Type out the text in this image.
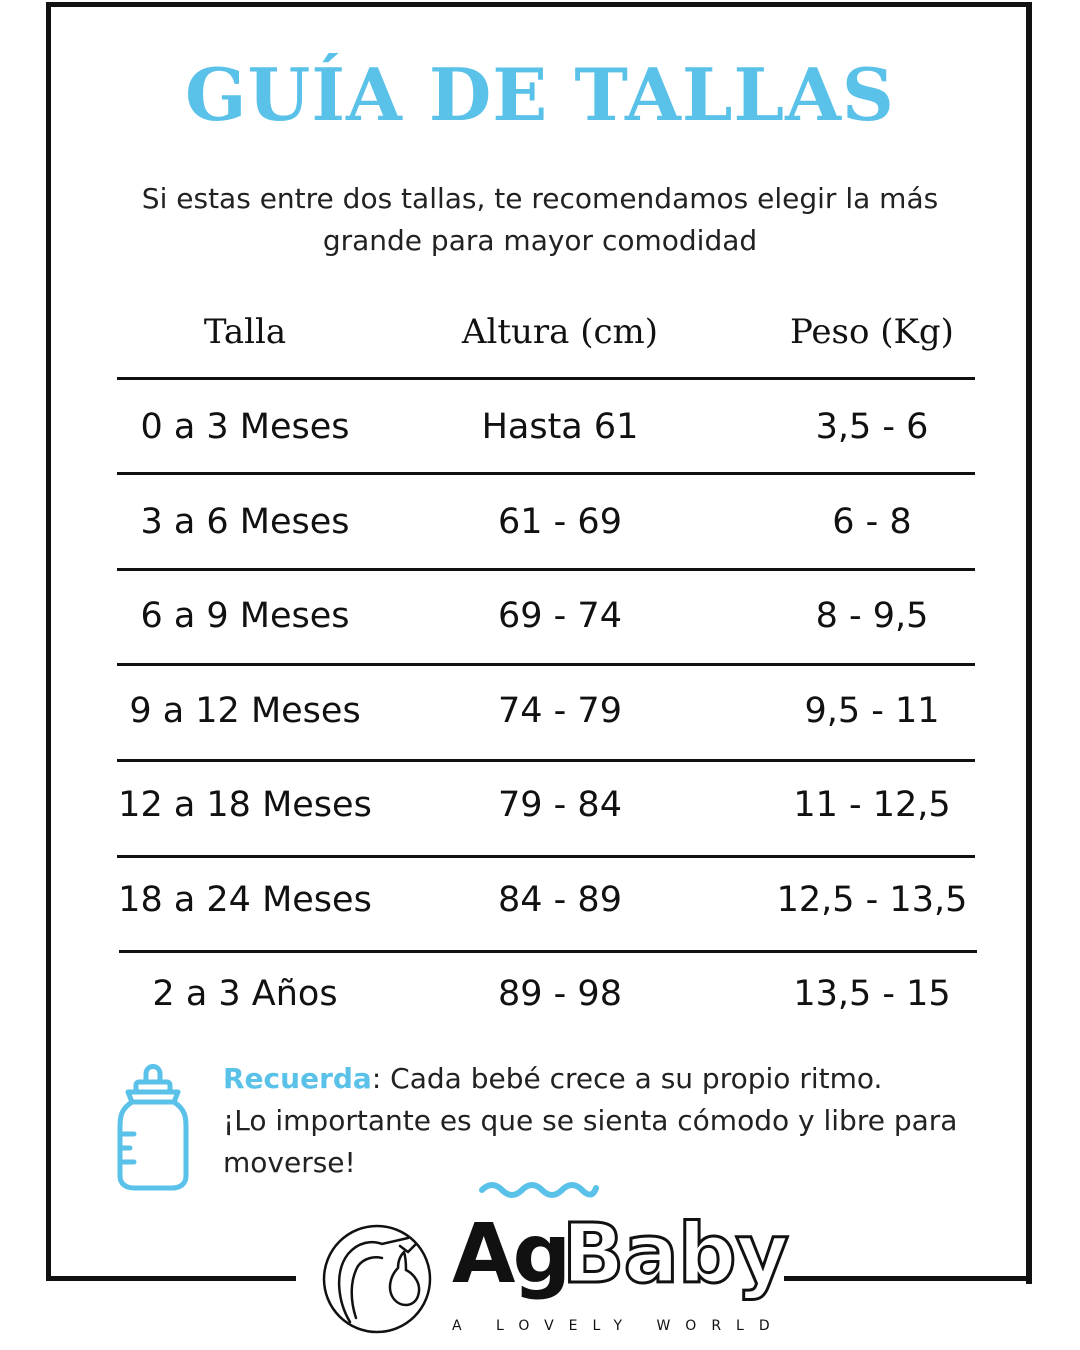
GUÍA DE TALLAS
Si estas entre dos tallas, te recomendamos elegir la más
grande para mayor comodidad
Talla	Altura (cm)	Peso (Kg)
0 a 3 Meses	Hasta 61	3,5 - 6
3 a 6 Meses	61 - 69	6 - 8
6 a 9 Meses	69 - 74	8 - 9,5
9 a 12 Meses	74 - 79	9,5 - 11
12 a 18 Meses	79 - 84	11 - 12,5
18 a 24 Meses	84 - 89	12,5 - 13,5
2 a 3 Años	89 - 98	13,5 - 15
Recuerda: Cada bebé crece a su propio ritmo.
¡Lo importante es que se sienta cómodo y libre para
moverse!
Ag
Baby
A LOVELY WORLD
